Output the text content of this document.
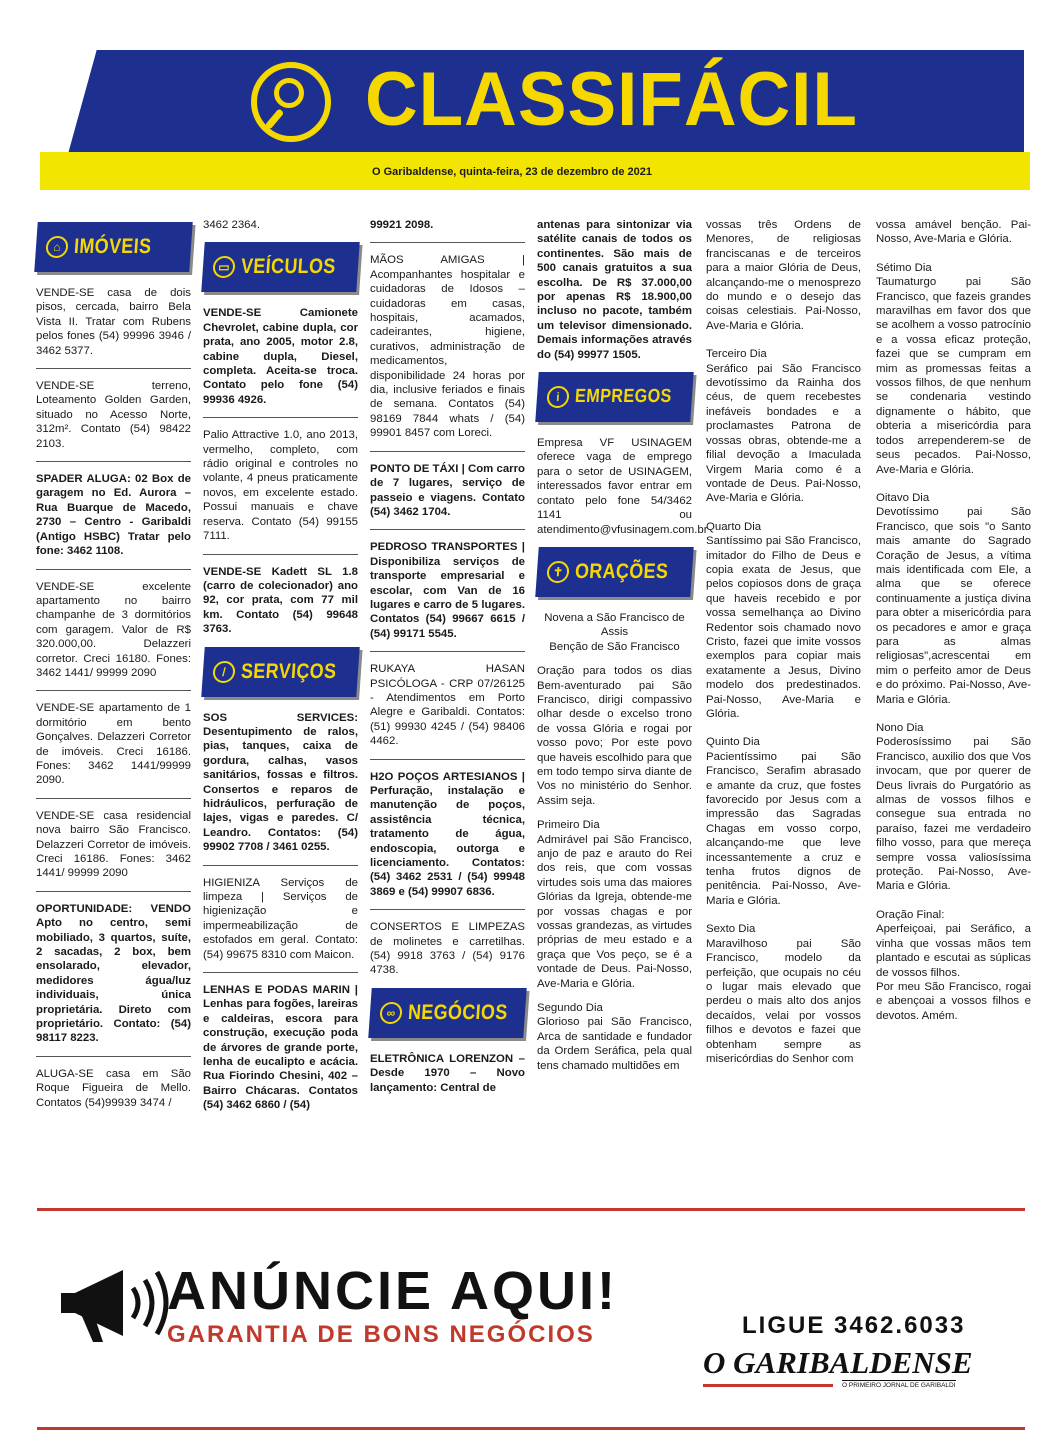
CLASSIFÁCIL
O Garibaldense, quinta-feira, 23 de dezembro de 2021
⌂ IMÓVEIS

VENDE-SE casa de dois pisos, cercada, bairro Bela Vista II. Tratar com Rubens pelos fones (54) 99996 3946 / 3462 5377.

VENDE-SE terreno, Loteamento Golden Garden, situado no Acesso Norte, 312m². Contato (54) 98422 2103.

SPADER ALUGA: 02 Box de garagem no Ed. Aurora – Rua Buarque de Macedo, 2730 – Centro - Garibaldi (Antigo HSBC) Tratar pelo fone: 3462 1108.

VENDE-SE excelente apartamento no bairro champanhe de 3 dormitórios com garagem. Valor de R$ 320.000,00. Delazzeri corretor. Creci 16180. Fones: 3462 1441/ 99999 2090

VENDE-SE apartamento de 1 dormitório em bento Gonçalves. Delazzeri Corretor de imóveis. Creci 16186. Fones: 3462 1441/99999 2090.

VENDE-SE casa residencial nova bairro São Francisco. Delazzeri Corretor de imóveis. Creci 16186. Fones: 3462 1441/ 99999 2090

OPORTUNIDADE: VENDO Apto no centro, semi mobiliado, 3 quartos, suíte, 2 sacadas, 2 box, bem ensolarado, elevador, medidores água/luz individuais, única proprietária. Direto com proprietário. Contato: (54) 98117 8223.

ALUGA-SE casa em São Roque Figueira de Mello. Contatos (54)99939 3474 /

3462 2364.

▭ VEÍCULOS

VENDE-SE Camionete Chevrolet, cabine dupla, cor prata, ano 2005, motor 2.8, cabine dupla, Diesel, completa. Aceita-se troca. Contato pelo fone (54) 99936 4926.

Palio Attractive 1.0, ano 2013, vermelho, completo, com rádio original e controles no volante, 4 pneus praticamente novos, em excelente estado. Possui manuais e chave reserva. Contato (54) 99155 7111.

VENDE-SE Kadett SL 1.8 (carro de colecionador) ano 92, cor prata, com 77 mil km. Contato (54) 99648 3763.

/ SERVIÇOS

SOS SERVICES: Desentupimento de ralos, pias, tanques, caixa de gordura, calhas, vasos sanitários, fossas e filtros. Consertos e reparos de hidráulicos, perfuração de lajes, vigas e paredes. C/ Leandro. Contatos: (54) 99902 7708 / 3461 0255.

HIGIENIZA Serviços de limpeza | Serviços de higienização e impermeabilização de estofados em geral. Contato: (54) 99675 8310 com Maicon.

LENHAS E PODAS MARIN | Lenhas para fogões, lareiras e caldeiras, escora para construção, execução poda de árvores de grande porte, lenha de eucalipto e acácia. Rua Fiorindo Chesini, 402 – Bairro Chácaras. Contatos (54) 3462 6860 / (54)

99921 2098.

MÃOS AMIGAS | Acompanhantes hospitalar e cuidadoras de Idosos – cuidadoras em casas, hospitais, acamados, cadeirantes, higiene, curativos, administração de medicamentos, disponibilidade 24 horas por dia, inclusive feriados e finais de semana. Contatos (54) 98169 7844 whats / (54) 99901 8457 com Loreci.

PONTO DE TÁXI | Com carro de 7 lugares, serviço de passeio e viagens. Contato (54) 3462 1704.

PEDROSO TRANSPORTES | Disponibiliza serviços de transporte empresarial e escolar, com Van de 16 lugares e carro de 5 lugares. Contatos (54) 99667 6615 / (54) 99171 5545.

RUKAYA HASAN PSICÓLOGA - CRP 07/26125 - Atendimentos em Porto Alegre e Garibaldi. Contatos: (51) 99930 4245 / (54) 98406 4462.

H2O POÇOS ARTESIANOS | Perfuração, instalação e manutenção de poços, assistência técnica, tratamento de água, endoscopia, outorga e licenciamento. Contatos: (54) 3462 2531 / (54) 99948 3869 e (54) 99907 6836.

CONSERTOS E LIMPEZAS de molinetes e carretilhas. (54) 9918 3763 / (54) 9176 4738.

∞ NEGÓCIOS

ELETRÔNICA LORENZON – Desde 1970 – Novo lançamento: Central de

antenas para sintonizar via satélite canais de todos os continentes. São mais de 500 canais gratuitos a sua escolha. De R$ 37.000,00 por apenas R$ 18.900,00 incluso no pacote, também um televisor dimensionado. Demais informações através do (54) 99977 1505.

i EMPREGOS

Empresa VF USINAGEM oferece vaga de emprego para o setor de USINAGEM, interessados favor entrar em contato pelo fone 54/3462 1141 ou atendimento@vfusinagem.com.br

✝ ORAÇÕES

Novena a São Francisco de Assis

Benção de São Francisco

Oração para todos os dias Bem-aventurado pai São Francisco, dirigi compassivo olhar desde o excelso trono de vossa Glória e rogai por vosso povo; Por este povo que haveis escolhido para que em todo tempo sirva diante de Vos no ministério do Senhor. Assim seja.

Primeiro Dia

Admirável pai São Francisco, anjo de paz e arauto do Rei dos reis, que com vossas virtudes sois uma das maiores Glórias da Igreja, obtende-me por vossas chagas e por vossas grandezas, as virtudes próprias de meu estado e a graça que Vos peço, se é a vontade de Deus. Pai-Nosso, Ave-Maria e Glória.

Segundo Dia

Glorioso pai São Francisco, Arca de santidade e fundador da Ordem Seráfica, pela qual tens chamado multidões em

vossas três Ordens de Menores, de religiosas franciscanas e de terceiros para a maior Glória de Deus, alcançando-me o menosprezo do mundo e o desejo das coisas celestiais. Pai-Nosso, Ave-Maria e Glória.

Terceiro Dia

Seráfico pai São Francisco devotíssimo da Rainha dos céus, de quem recebestes inefáveis bondades e a proclamastes Patrona de vossas obras, obtende-me a filial devoção a Imaculada Virgem Maria como é a vontade de Deus. Pai-Nosso, Ave-Maria e Glória.

Quarto Dia

Santíssimo pai São Francisco, imitador do Filho de Deus e copia exata de Jesus, que pelos copiosos dons de graça que haveis recebido e por vossa semelhança ao Divino Redentor sois chamado novo Cristo, fazei que imite vossos exemplos para copiar mais exatamente a Jesus, Divino modelo dos predestinados. Pai-Nosso, Ave-Maria e Glória.

Quinto Dia

Pacientíssimo pai São Francisco, Serafim abrasado e amante da cruz, que fostes favorecido por Jesus com a impressão das Sagradas Chagas em vosso corpo, alcançando-me que leve incessantemente a cruz e tenha frutos dignos de penitência. Pai-Nosso, Ave-Maria e Glória.

Sexto Dia

Maravilhoso pai São Francisco, modelo da perfeição, que ocupais no céu o lugar mais elevado que perdeu o mais alto dos anjos decaídos, velai por vossos filhos e devotos e fazei que obtenham sempre as misericórdias do Senhor com

vossa amável benção. Pai-Nosso, Ave-Maria e Glória.

Sétimo Dia

Taumaturgo pai São Francisco, que fazeis grandes maravilhas em favor dos que se acolhem a vosso patrocínio e a vossa eficaz proteção, fazei que se cumpram em mim as promessas feitas a vossos filhos, de que nenhum se condenaria vestindo dignamente o hábito, que obteria a misericórdia para todos arrependerem-se de seus pecados. Pai-Nosso, Ave-Maria e Glória.

Oitavo Dia

Devotíssimo pai São Francisco, que sois "o Santo mais amante do Sagrado Coração de Jesus, a vítima mais identificada com Ele, a alma que se oferece continuamente a justiça divina para obter a misericórdia para os pecadores e amor e graça para as almas religiosas",acrescentai em mim o perfeito amor de Deus e do próximo. Pai-Nosso, Ave-Maria e Glória.

Nono Dia

Poderosíssimo pai São Francisco, auxilio dos que Vos invocam, que por querer de Deus livrais do Purgatório as almas de vossos filhos e consegue sua entrada no paraíso, fazei me verdadeiro filho vosso, para que mereça sempre vossa valiosíssima proteção. Pai-Nosso, Ave-Maria e Glória.

Oração Final:

Aperfeiçoai, pai Seráfico, a vinha que vossas mãos tem plantado e escutai as súplicas de vossos filhos.

Por meu São Francisco, rogai e abençoai a vossos filhos e devotos. Amém.

ANÚNCIE AQUI!
GARANTIA DE BONS NEGÓCIOS	LIGUE 3462.6033
O GARIBALDENSE
O PRIMEIRO JORNAL DE GARIBALDI
